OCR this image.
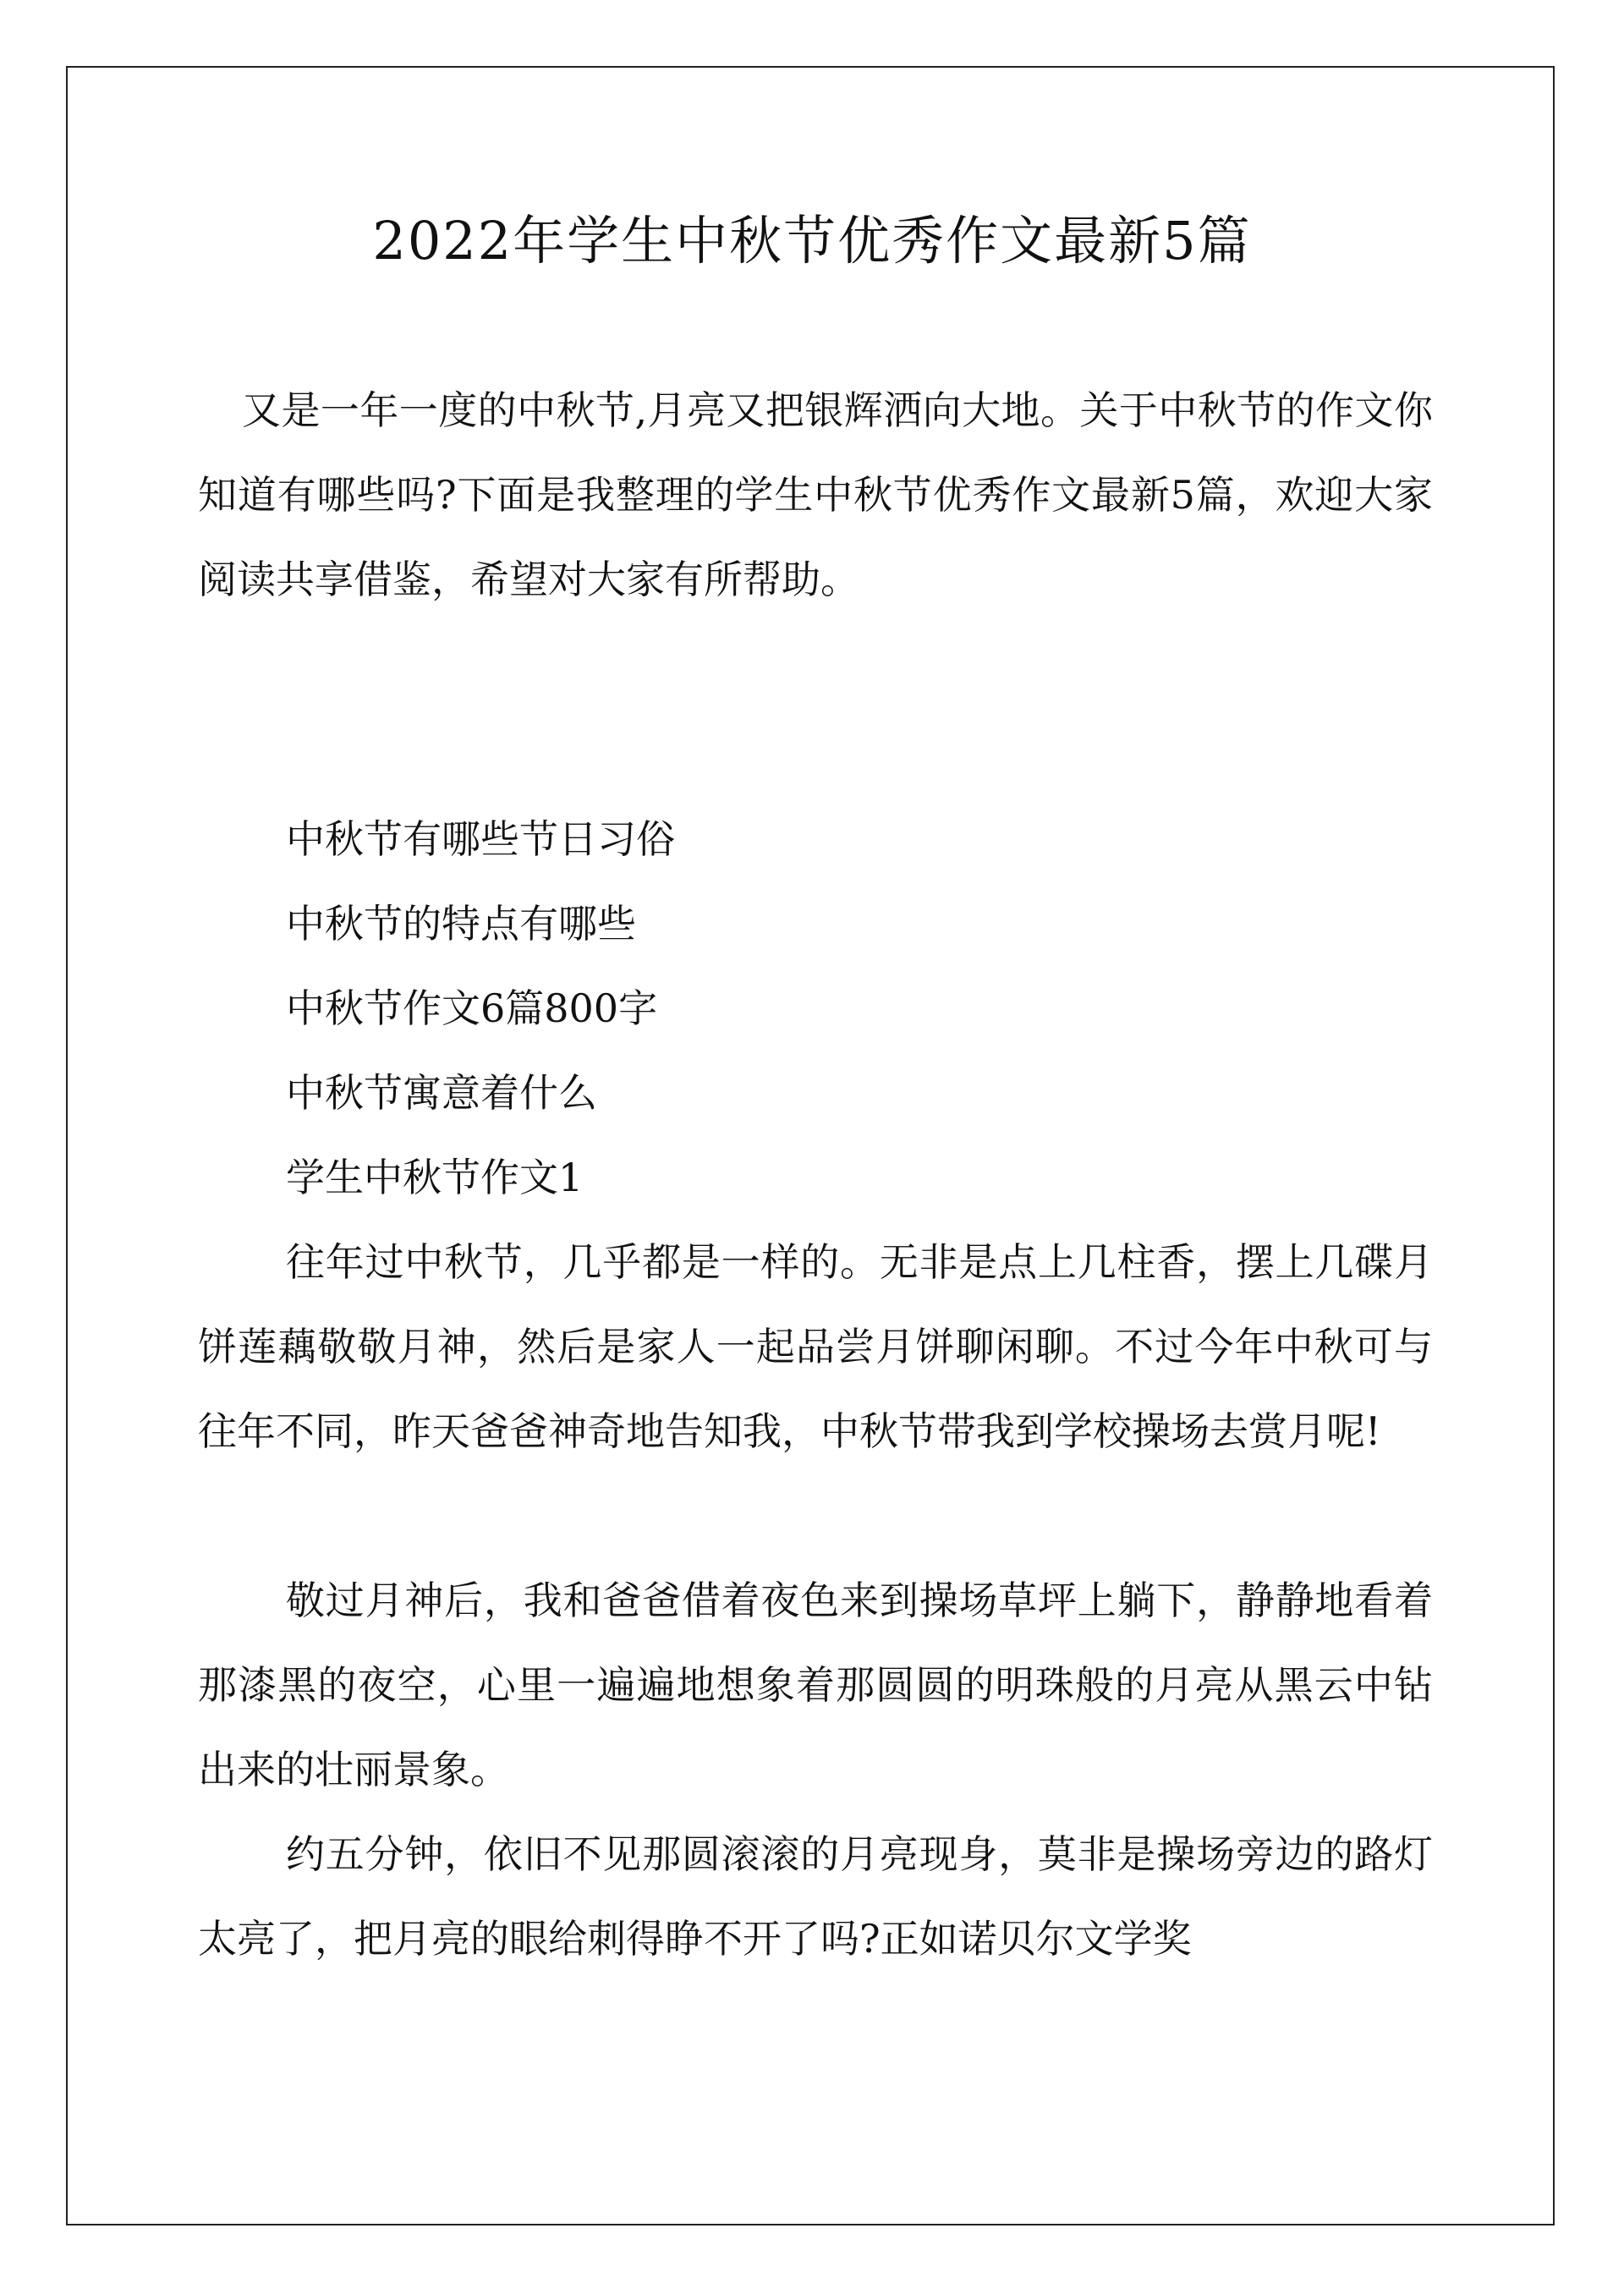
2022年学生中秋节优秀作文最新5篇

又是一年一度的中秋节,月亮又把银辉洒向大地。关于中秋节的作文你知道有哪些吗?下面是我整理的学生中秋节优秀作文最新5篇，欢迎大家阅读共享借鉴，希望对大家有所帮助。

中秋节有哪些节日习俗
中秋节的特点有哪些
中秋节作文6篇800字
中秋节寓意着什么
学生中秋节作文1

往年过中秋节，几乎都是一样的。无非是点上几柱香，摆上几碟月饼莲藕敬敬月神，然后是家人一起品尝月饼聊闲聊。不过今年中秋可与往年不同，昨天爸爸神奇地告知我，中秋节带我到学校操场去赏月呢!

敬过月神后，我和爸爸借着夜色来到操场草坪上躺下，静静地看着那漆黑的夜空，心里一遍遍地想象着那圆圆的明珠般的月亮从黑云中钻出来的壮丽景象。

约五分钟，依旧不见那圆滚滚的月亮现身，莫非是操场旁边的路灯太亮了，把月亮的眼给刺得睁不开了吗?正如诺贝尔文学奖
